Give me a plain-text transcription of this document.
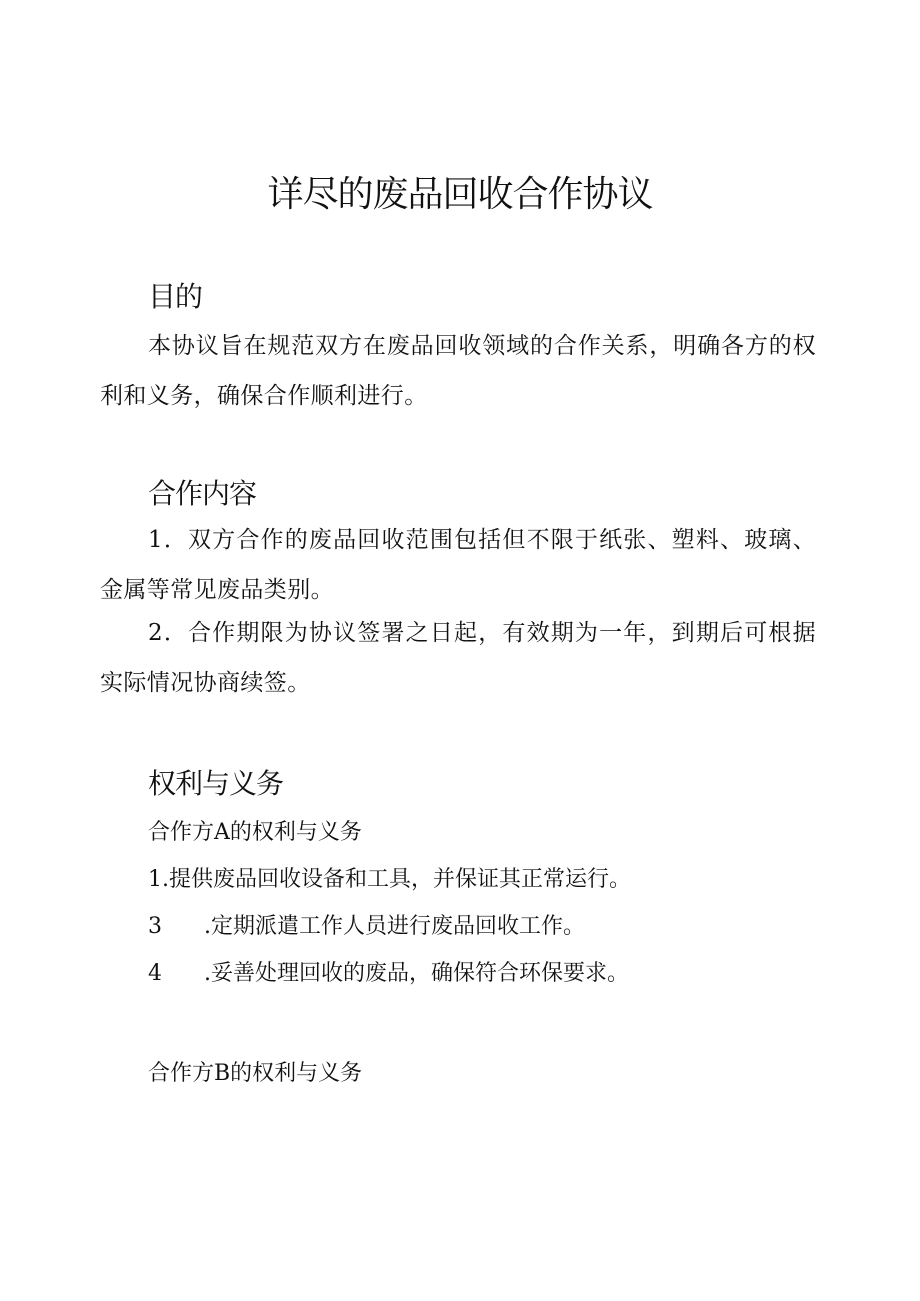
详尽的废品回收合作协议
目的

本协议旨在规范双方在废品回收领域的合作关系，明确各方的权利和义务，确保合作顺利进行。

合作内容

1．双方合作的废品回收范围包括但不限于纸张、塑料、玻璃、金属等常见废品类别。

2．合作期限为协议签署之日起，有效期为一年，到期后可根据实际情况协商续签。

权利与义务

合作方A的权利与义务

1.提供废品回收设备和工具，并保证其正常运行。

3 .定期派遣工作人员进行废品回收工作。

4 .妥善处理回收的废品，确保符合环保要求。

合作方B的权利与义务
